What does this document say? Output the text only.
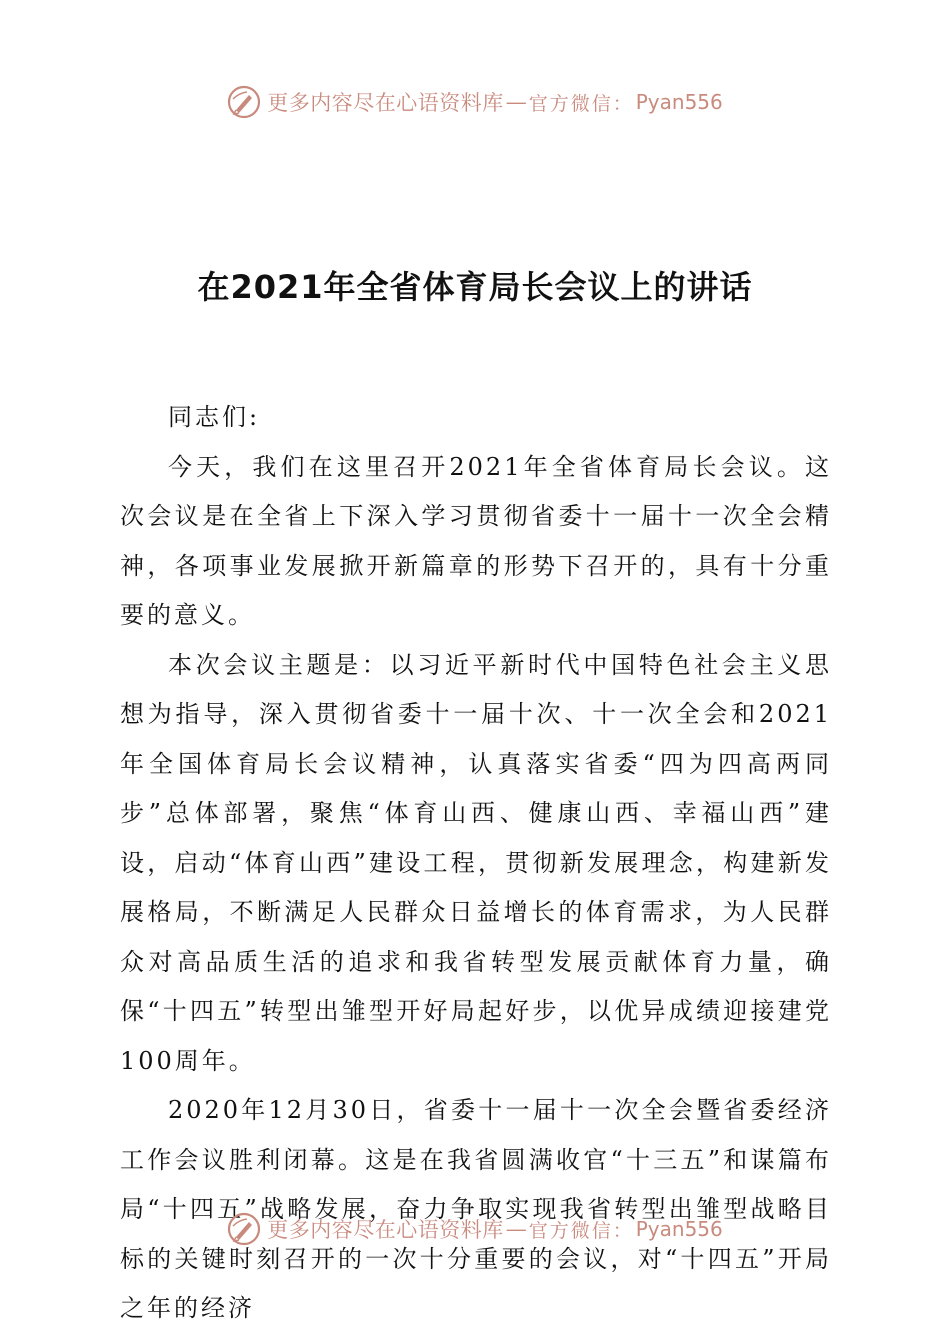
更多内容尽在心语资料库 — 官方微信： Pyan556
在2021年全省体育局长会议上的讲话

同志们:

今天，我们在这里召开2021年全省体育局长会议。这次会议是在全省上下深入学习贯彻省委十一届十一次全会精神，各项事业发展掀开新篇章的形势下召开的，具有十分重要的意义。

本次会议主题是：以习近平新时代中国特色社会主义思想为指导，深入贯彻省委十一届十次、十一次全会和2021年全国体育局长会议精神，认真落实省委“四为四高两同步”总体部署，聚焦“体育山西、健康山西、幸福山西”建设，启动“体育山西”建设工程，贯彻新发展理念，构建新发展格局，不断满足人民群众日益增长的体育需求，为人民群众对高品质生活的追求和我省转型发展贡献体育力量，确保“十四五”转型出雏型开好局起好步，以优异成绩迎接建党100周年。

2020年12月30日，省委十一届十一次全会暨省委经济工作会议胜利闭幕。这是在我省圆满收官“十三五”和谋篇布局“十四五”战略发展，奋力争取实现我省转型出雏型战略目标的关键时刻召开的一次十分重要的会议，对“十四五”开局之年的经济

更多内容尽在心语资料库 — 官方微信： Pyan556
